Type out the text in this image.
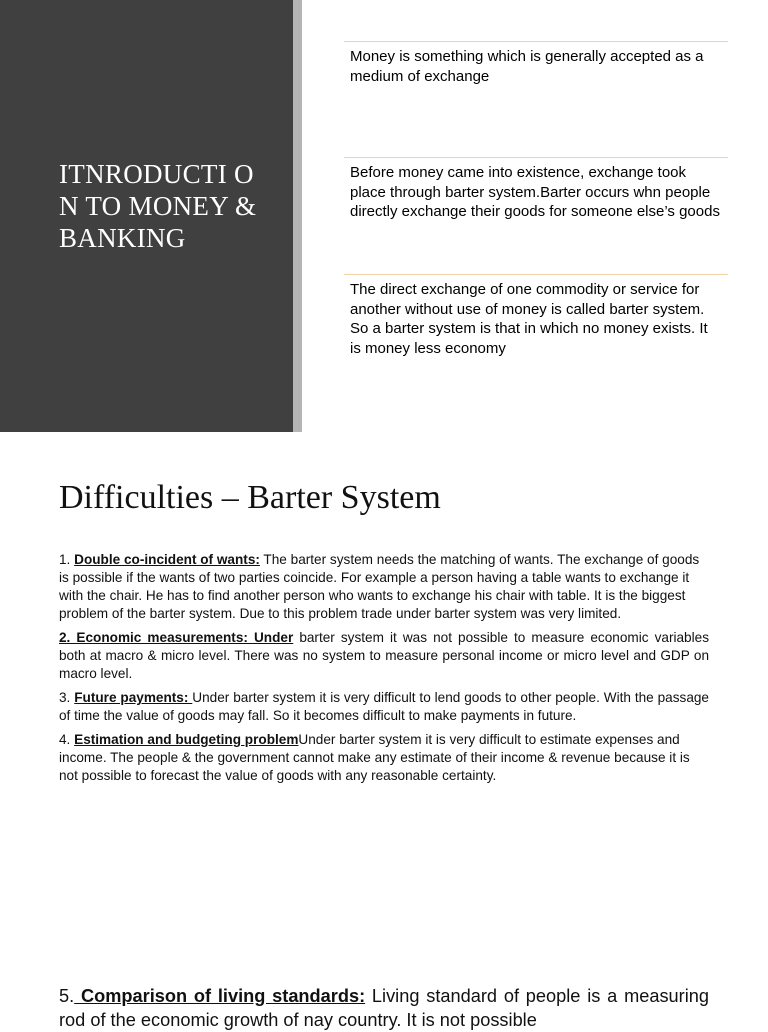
ITNRODUCTI ON TO MONEY & BANKING
Money is something which is generally accepted as a medium of exchange
Before money came into existence, exchange took place through barter system.Barter occurs whn people directly exchange their goods for someone else’s goods
The direct exchange of one commodity or service for another without use of money is called barter system. So a barter system is that in which no money exists. It is money less economy
Difficulties – Barter System

1. Double co-incident of wants: The barter system needs the matching of wants. The exchange of goods is possible if the wants of two parties coincide. For example a person having a table wants to exchange it with the chair. He has to find another person who wants to exchange his chair with table. It is the biggest problem of the barter system. Due to this problem trade under barter system was very limited.

2. Economic measurements: Under barter system it was not possible to measure economic variables both at macro & micro level. There was no system to measure personal income or micro level and GDP on macro level.

3. Future payments: Under barter system it is very difficult to lend goods to other people. With the passage of time the value of goods may fall. So it becomes difficult to make payments in future.

4. Estimation and budgeting problemUnder barter system it is very difficult to estimate expenses and income. The people & the government cannot make any estimate of their income & revenue because it is not possible to forecast the value of goods with any reasonable certainty.

5. Comparison of living standards: Living standard of people is a measuring rod of the economic growth of nay country. It is not possible
